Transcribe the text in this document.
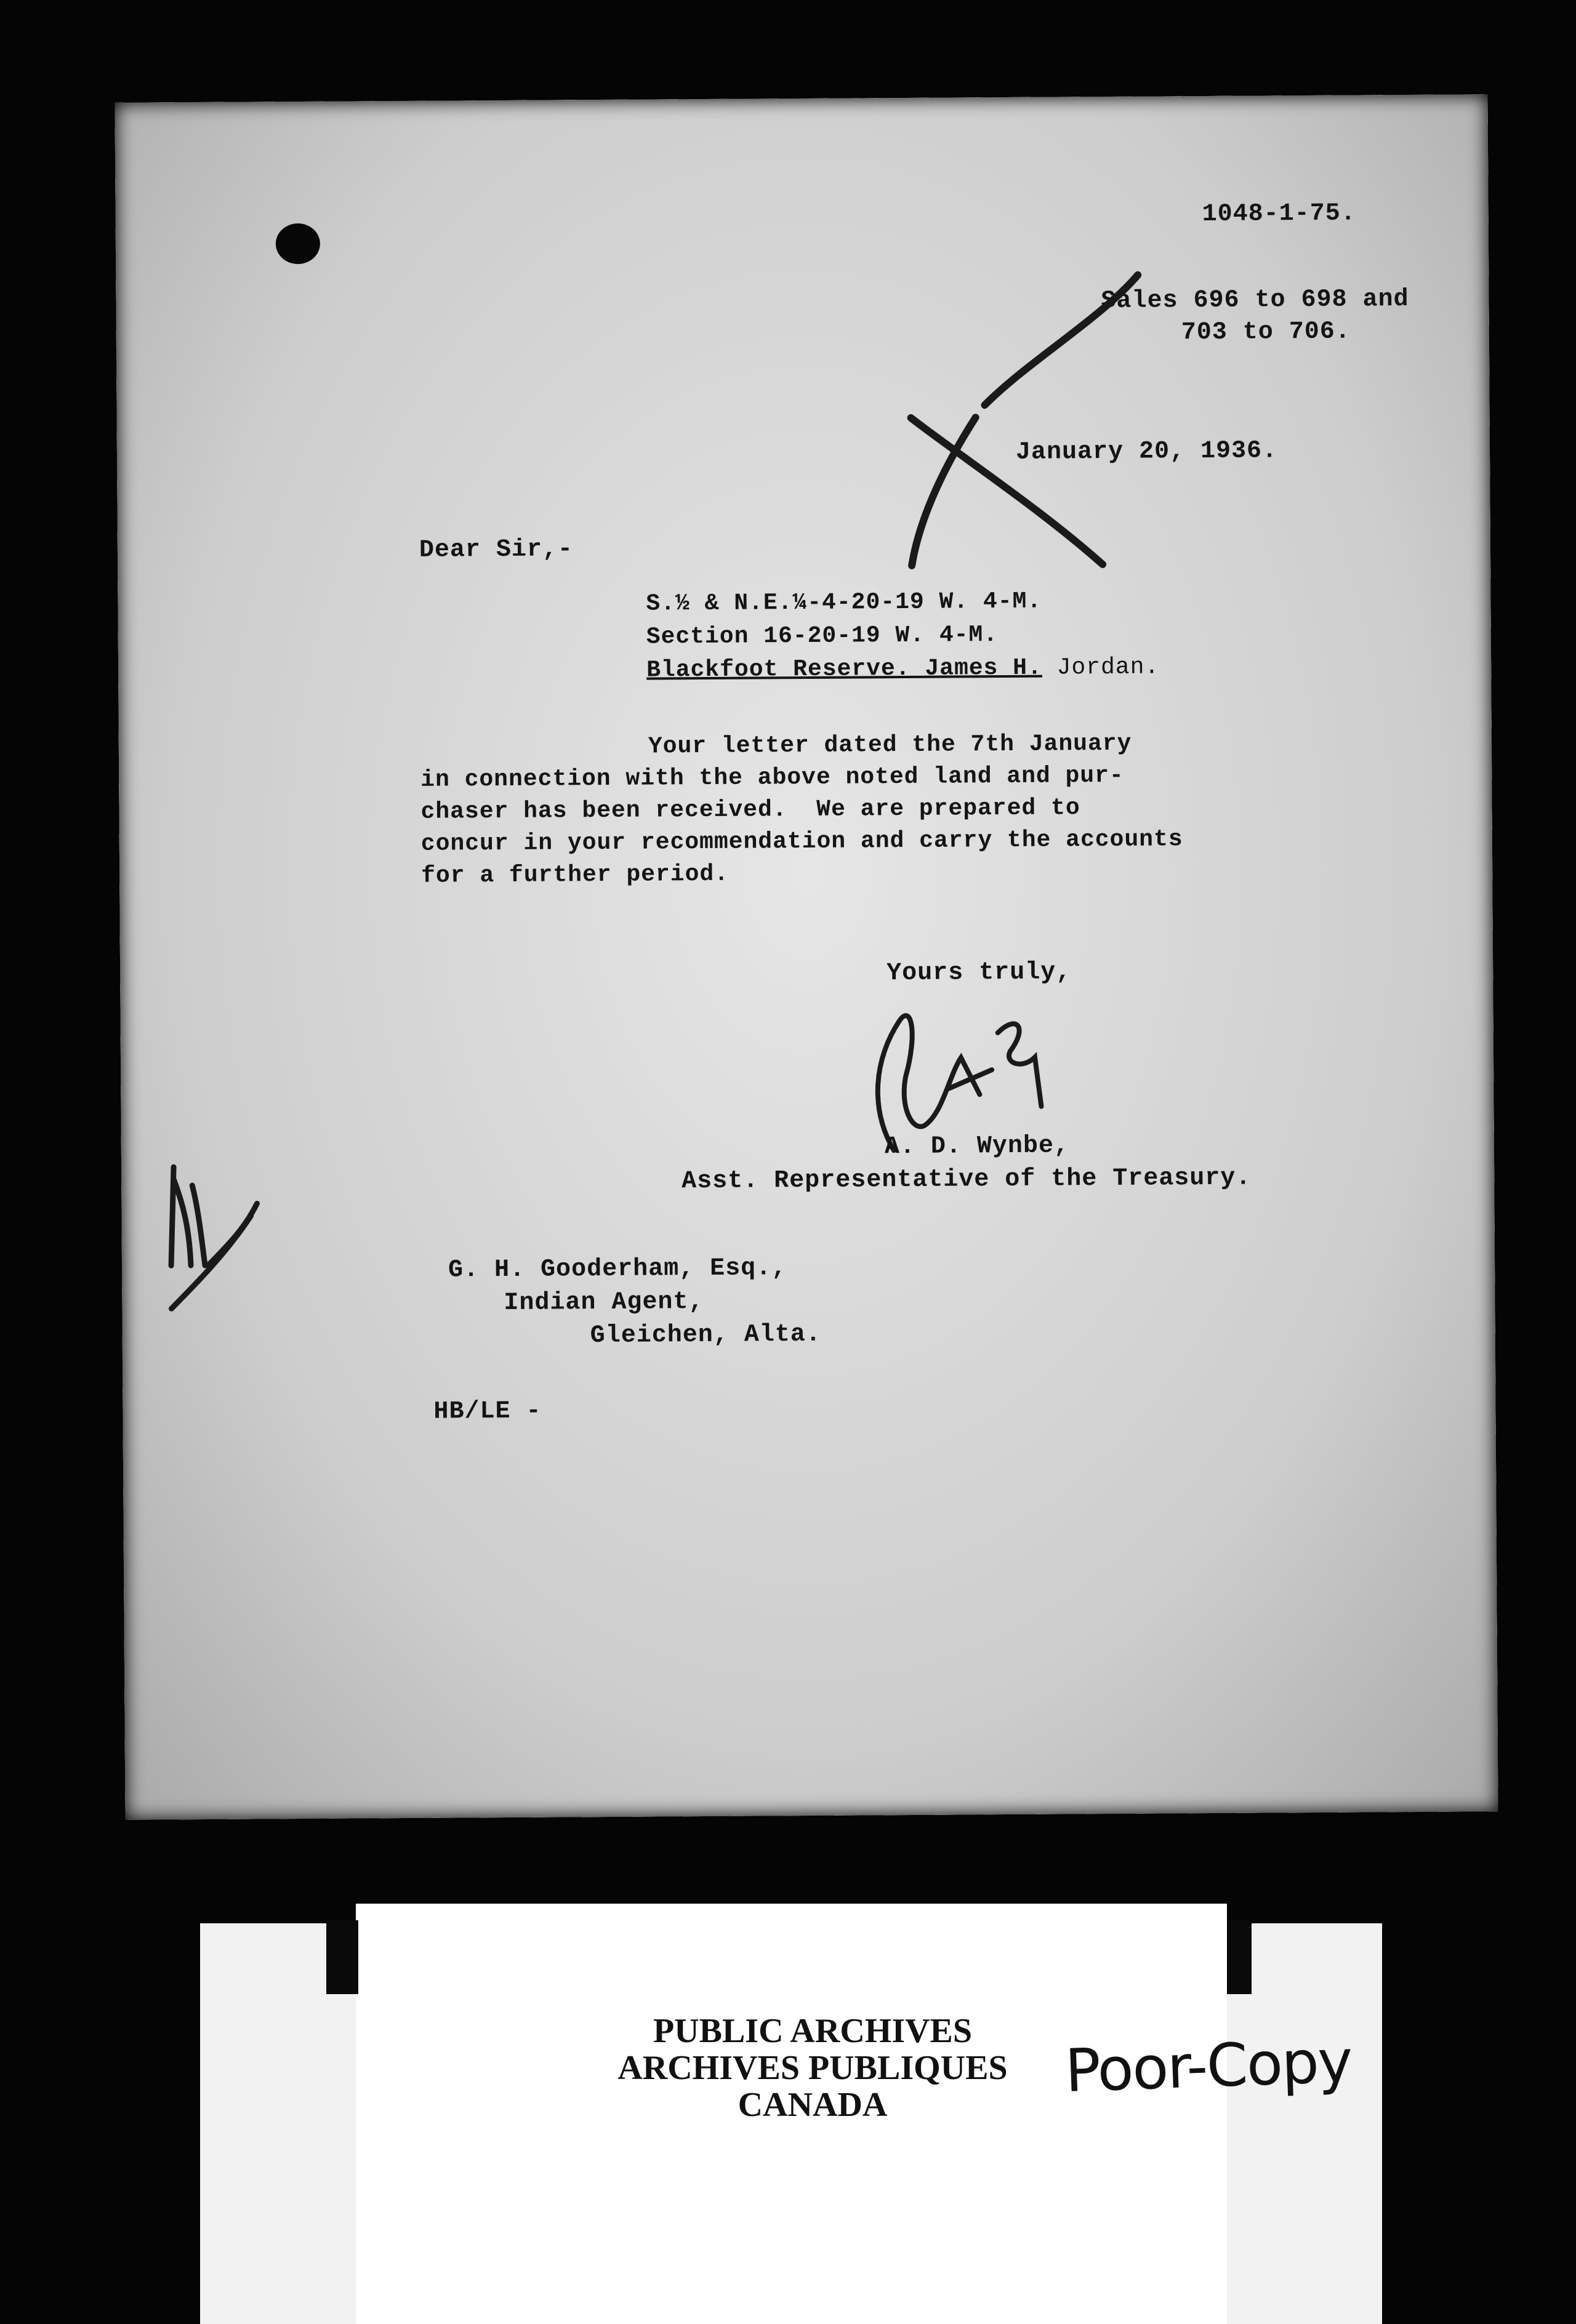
1048-1-75.
Sales 696 to 698 and
703 to 706.
January 20, 1936.
Dear Sir,-
S.½ & N.E.¼-4-20-19 W. 4-M.
Section 16-20-19 W. 4-M.
Blackfoot Reserve. James H. Jordan.
Your letter dated the 7th January
in connection with the above noted land and pur-
chaser has been received.  We are prepared to
concur in your recommendation and carry the accounts
for a further period.
Yours truly,
A. D. Wynbe,
Asst. Representative of the Treasury.
G. H. Gooderham, Esq.,
Indian Agent,
Gleichen, Alta.
HB/LE -
PUBLIC ARCHIVES
ARCHIVES PUBLIQUES
CANADA	Poor-Copy
